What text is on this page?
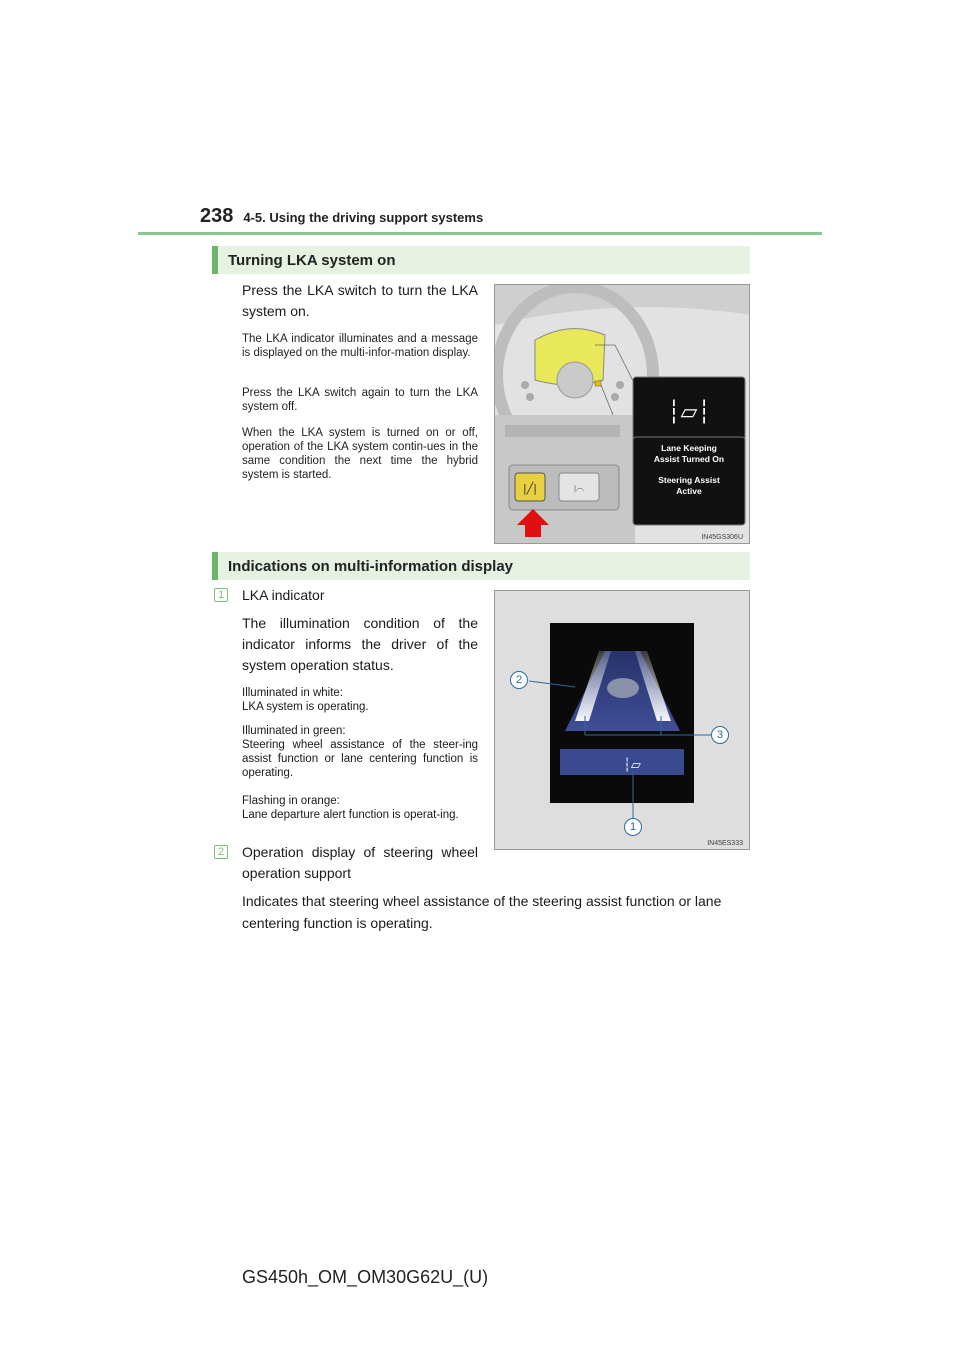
238 4-5. Using the driving support systems
Turning LKA system on
Press the LKA switch to turn the LKA system on.
The LKA indicator illuminates and a message is displayed on the multi-infor-mation display.
Press the LKA switch again to turn the LKA system off.
When the LKA system is turned on or off, operation of the LKA system contin-ues in the same condition the next time the hybrid system is started.
|╱|	⧘⌒
┆▱┆
Lane Keeping
Assist Turned On
Steering Assist
Active
IN45GS306U
Indications on multi-information display
1 LKA indicator
The illumination condition of the indicator informs the driver of the system operation status.
Illuminated in white:
LKA system is operating.
Illuminated in green:
Steering wheel assistance of the steer-ing assist function or lane centering function is operating.
Flashing in orange:
Lane departure alert function is operat-ing.
2 Operation display of steering wheel operation support
Indicates that steering wheel assistance of the steering assist function or lane centering function is operating.
┆▱
2
3
1
IN45ES333
GS450h_OM_OM30G62U_(U)
